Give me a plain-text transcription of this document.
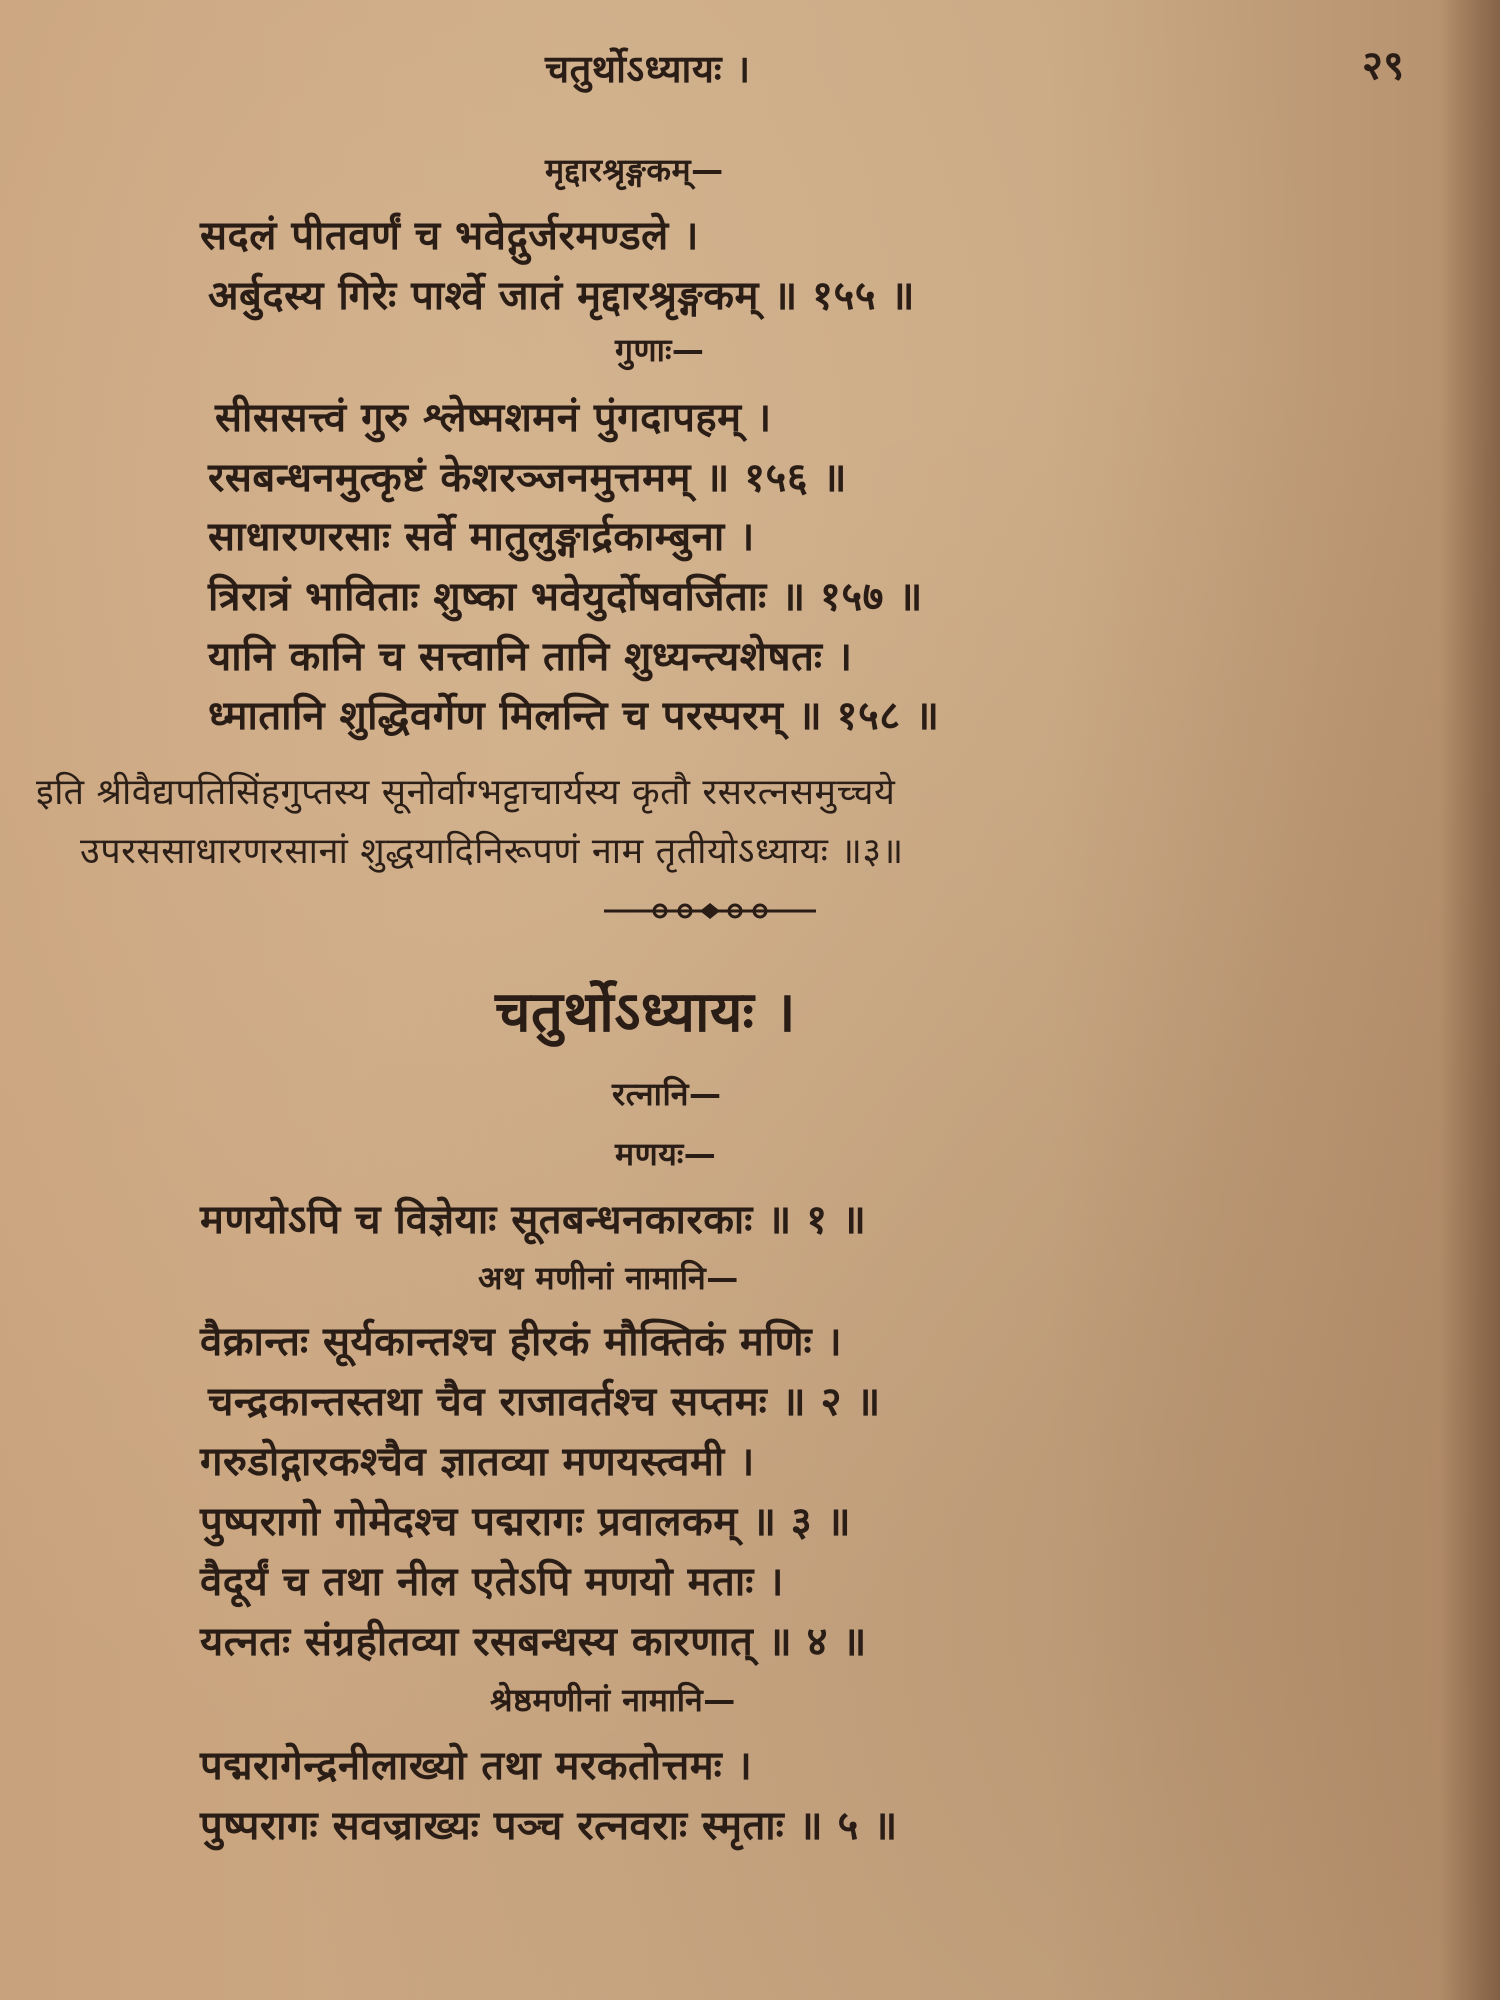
चतुर्थोऽध्यायः ।	२९
मृद्दारश्रृङ्गकम्—
सदलं पीतवर्णं च भवेद्गुर्जरमण्डले ।
अर्बुदस्य गिरेः पार्श्वे जातं मृद्दारश्रृङ्गकम् ॥ १५५ ॥
गुणाः—
सीससत्त्वं गुरु श्लेष्मशमनं पुंगदापहम् ।
रसबन्धनमुत्कृष्टं केशरञ्जनमुत्तमम् ॥ १५६ ॥
साधारणरसाः सर्वे मातुलुङ्गार्द्रकाम्बुना ।
त्रिरात्रं भाविताः शुष्का भवेयुर्दोषवर्जिताः ॥ १५७ ॥
यानि कानि च सत्त्वानि तानि शुध्यन्त्यशेषतः ।
ध्मातानि शुद्धिवर्गेण मिलन्ति च परस्परम् ॥ १५८ ॥
इति श्रीवैद्यपतिसिंहगुप्तस्य सूनोर्वाग्भट्टाचार्यस्य कृतौ रसरत्नसमुच्चये
उपरससाधारणरसानां शुद्धयादिनिरूपणं नाम तृतीयोऽध्यायः ॥३॥
चतुर्थोऽध्यायः ।
रत्नानि—
मणयः—
मणयोऽपि च विज्ञेयाः सूतबन्धनकारकाः ॥ १ ॥
अथ मणीनां नामानि—
वैक्रान्तः सूर्यकान्तश्च हीरकं मौक्तिकं मणिः ।
चन्द्रकान्तस्तथा चैव राजावर्तश्च सप्तमः ॥ २ ॥
गरुडोद्गारकश्चैव ज्ञातव्या मणयस्त्वमी ।
पुष्परागो गोमेदश्च पद्मरागः प्रवालकम् ॥ ३ ॥
वैदूर्यं च तथा नील एतेऽपि मणयो मताः ।
यत्नतः संग्रहीतव्या रसबन्धस्य कारणात् ॥ ४ ॥
श्रेष्ठमणीनां नामानि—
पद्मरागेन्द्रनीलाख्यो तथा मरकतोत्तमः ।
पुष्परागः सवज्राख्यः पञ्च रत्नवराः स्मृताः ॥ ५ ॥
